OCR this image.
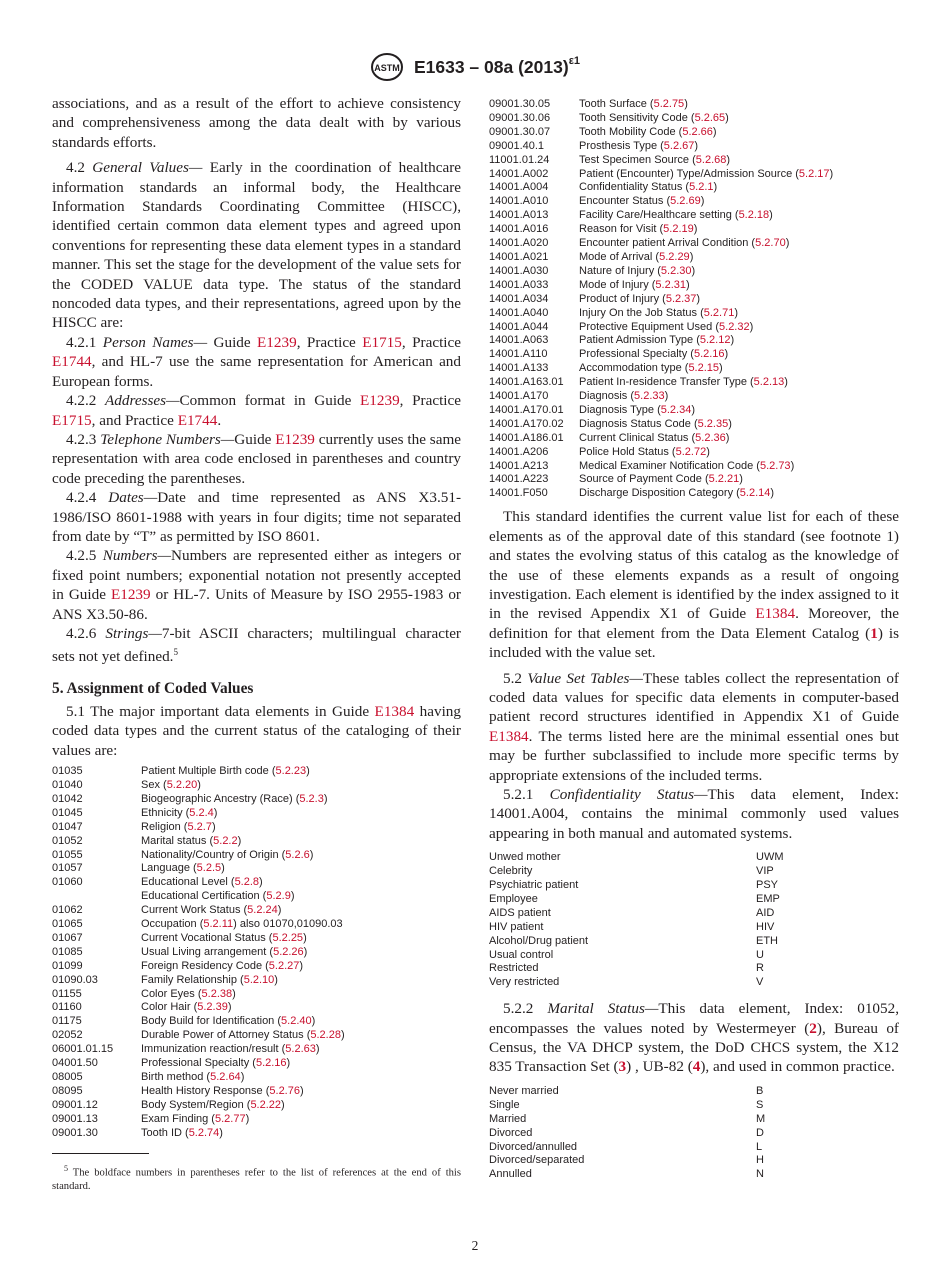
ASTM E1633 – 08a $(2013)^{\varepsilon 1}$

associations, and as a result of the effort to achieve consistency and comprehensiveness among the data dealt with by various standards efforts.

4.2 General Values— Early in the coordination of healthcare information standards an informal body, the Healthcare Information Standards Coordinating Committee (HISCC), identified certain common data element types and agreed upon conventions for representing these data element types in a standard manner. This set the stage for the development of the value sets for the CODED VALUE data type. The status of the standard noncoded data types, and their representations, agreed upon by the HISCC are:

4.2.1 Person Names— Guide E1239, Practice E1715, Practice E1744, and HL-7 use the same representation for American and European forms.

4.2.2 Addresses—Common format in Guide E1239, Practice E1715, and Practice E1744.

4.2.3 Telephone Numbers—Guide E1239 currently uses the same representation with area code enclosed in parentheses and country code preceding the parentheses.

4.2.4 Dates—Date and time represented as ANS X3.51-1986/ISO 8601-1988 with years in four digits; time not separated from date by “T” as permitted by ISO 8601.

4.2.5 Numbers—Numbers are represented either as integers or fixed point numbers; exponential notation not presently accepted in Guide E1239 or HL-7. Units of Measure by ISO 2955-1983 or ANS X3.50-86.

4.2.6 Strings—7-bit ASCII characters; multilingual character sets not yet defined.$^5$

5. Assignment of Coded Values

5.1 The major important data elements in Guide E1384 having coded data types and the current status of the cataloging of their values are:

01035	Patient Multiple Birth code (5.2.23)
01040	Sex (5.2.20)
01042	Biogeographic Ancestry (Race) (5.2.3)
01045	Ethnicity (5.2.4)
01047	Religion (5.2.7)
01052	Marital status (5.2.2)
01055	Nationality/Country of Origin (5.2.6)
01057	Language (5.2.5)
01060	Educational Level (5.2.8)
Educational Certification (5.2.9)
01062	Current Work Status (5.2.24)
01065	Occupation (5.2.11) also 01070,01090.03
01067	Current Vocational Status (5.2.25)
01085	Usual Living arrangement (5.2.26)
01099	Foreign Residency Code (5.2.27)
01090.03	Family Relationship (5.2.10)
01155	Color Eyes (5.2.38)
01160	Color Hair (5.2.39)
01175	Body Build for Identification (5.2.40)
02052	Durable Power of Attorney Status (5.2.28)
06001.01.15	Immunization reaction/result (5.2.63)
04001.50	Professional Specialty (5.2.16)
08005	Birth method (5.2.64)
08095	Health History Response (5.2.76)
09001.12	Body System/Region (5.2.22)
09001.13	Exam Finding (5.2.77)
09001.30	Tooth ID (5.2.74)
09001.30.05	Tooth Surface (5.2.75)
09001.30.06	Tooth Sensitivity Code (5.2.65)
09001.30.07	Tooth Mobility Code (5.2.66)
09001.40.1	Prosthesis Type (5.2.67)
11001.01.24	Test Specimen Source (5.2.68)
14001.A002	Patient (Encounter) Type/Admission Source (5.2.17)
14001.A004	Confidentiality Status (5.2.1)
14001.A010	Encounter Status (5.2.69)
14001.A013	Facility Care/Healthcare setting (5.2.18)
14001.A016	Reason for Visit (5.2.19)
14001.A020	Encounter patient Arrival Condition (5.2.70)
14001.A021	Mode of Arrival (5.2.29)
14001.A030	Nature of Injury (5.2.30)
14001.A033	Mode of Injury (5.2.31)
14001.A034	Product of Injury (5.2.37)
14001.A040	Injury On the Job Status (5.2.71)
14001.A044	Protective Equipment Used (5.2.32)
14001.A063	Patient Admission Type (5.2.12)
14001.A110	Professional Specialty (5.2.16)
14001.A133	Accommodation type (5.2.15)
14001.A163.01	Patient In-residence Transfer Type (5.2.13)
14001.A170	Diagnosis (5.2.33)
14001.A170.01	Diagnosis Type (5.2.34)
14001.A170.02	Diagnosis Status Code (5.2.35)
14001.A186.01	Current Clinical Status (5.2.36)
14001.A206	Police Hold Status (5.2.72)
14001.A213	Medical Examiner Notification Code (5.2.73)
14001.A223	Source of Payment Code (5.2.21)
14001.F050	Discharge Disposition Category (5.2.14)

This standard identifies the current value list for each of these elements as of the approval date of this standard (see footnote 1) and states the evolving status of this catalog as the knowledge of the use of these elements expands as a result of ongoing investigation. Each element is identified by the index assigned to it in the revised Appendix X1 of Guide E1384. Moreover, the definition for that element from the Data Element Catalog (1) is included with the value set.

5.2 Value Set Tables—These tables collect the representation of coded data values for specific data elements in computer-based patient record structures identified in Appendix X1 of Guide E1384. The terms listed here are the minimal essential ones but may be further subclassified to include more specific terms by appropriate extensions of the included terms.

5.2.1 Confidentiality Status—This data element, Index: 14001.A004, contains the minimal commonly used values appearing in both manual and automated systems.

Unwed mother	UWM
Celebrity	VIP
Psychiatric patient	PSY
Employee	EMP
AIDS patient	AID
HIV patient	HIV
Alcohol/Drug patient	ETH
Usual control	U
Restricted	R
Very restricted	V

5.2.2 Marital Status—This data element, Index: 01052, encompasses the values noted by Westermeyer (2), Bureau of Census, the VA DHCP system, the DoD CHCS system, the X12 835 Transaction Set (3) , UB-82 (4), and used in common practice.

Never married	B
Single	S
Married	M
Divorced	D
Divorced/annulled	L
Divorced/separated	H
Annulled	N

$^5$ The boldface numbers in parentheses refer to the list of references at the end of this standard.

2
